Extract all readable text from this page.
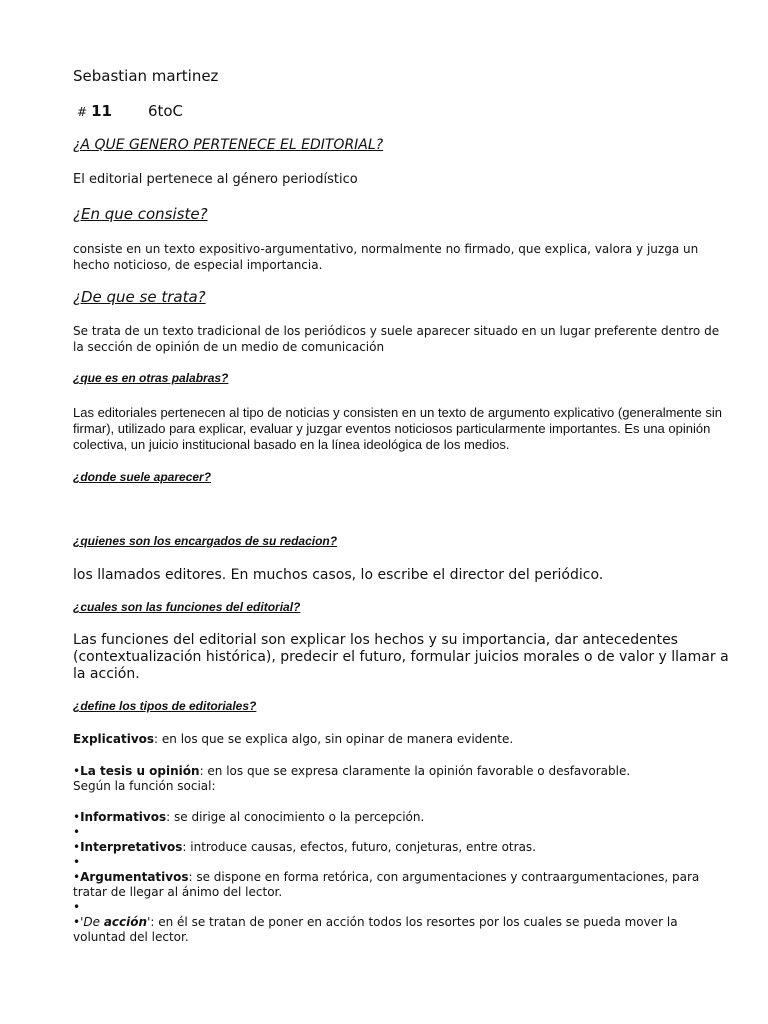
Sebastian martinez
# 11 6toC
¿A QUE GENERO PERTENECE EL EDITORIAL?
El editorial pertenece al género periodístico
¿En que consiste?
consiste en un texto expositivo-argumentativo, normalmente no firmado, que explica, valora y juzga un hecho noticioso, de especial importancia.
¿De que se trata?
Se trata de un texto tradicional de los periódicos y suele aparecer situado en un lugar preferente dentro de la sección de opinión de un medio de comunicación
¿que es en otras palabras?
Las editoriales pertenecen al tipo de noticias y consisten en un texto de argumento explicativo (generalmente sin firmar), utilizado para explicar, evaluar y juzgar eventos noticiosos particularmente importantes. Es una opinión colectiva, un juicio institucional basado en la línea ideológica de los medios.
¿donde suele aparecer?
¿quienes son los encargados de su redacion?
los llamados editores. En muchos casos, lo escribe el director del periódico.
¿cuales son las funciones del editorial?
Las funciones del editorial son explicar los hechos y su importancia, dar antecedentes (contextualización histórica), predecir el futuro, formular juicios morales o de valor y llamar a la acción.
¿define los tipos de editoriales?
Explicativos: en los que se explica algo, sin opinar de manera evidente.
•La tesis u opinión: en los que se expresa claramente la opinión favorable o desfavorable.
Según la función social:
•Informativos: se dirige al conocimiento o la percepción.
•
•Interpretativos: introduce causas, efectos, futuro, conjeturas, entre otras.
•
•Argumentativos: se dispone en forma retórica, con argumentaciones y contraargumentaciones, para tratar de llegar al ánimo del lector.
•
•'De acción': en él se tratan de poner en acción todos los resortes por los cuales se pueda mover la voluntad del lector.
